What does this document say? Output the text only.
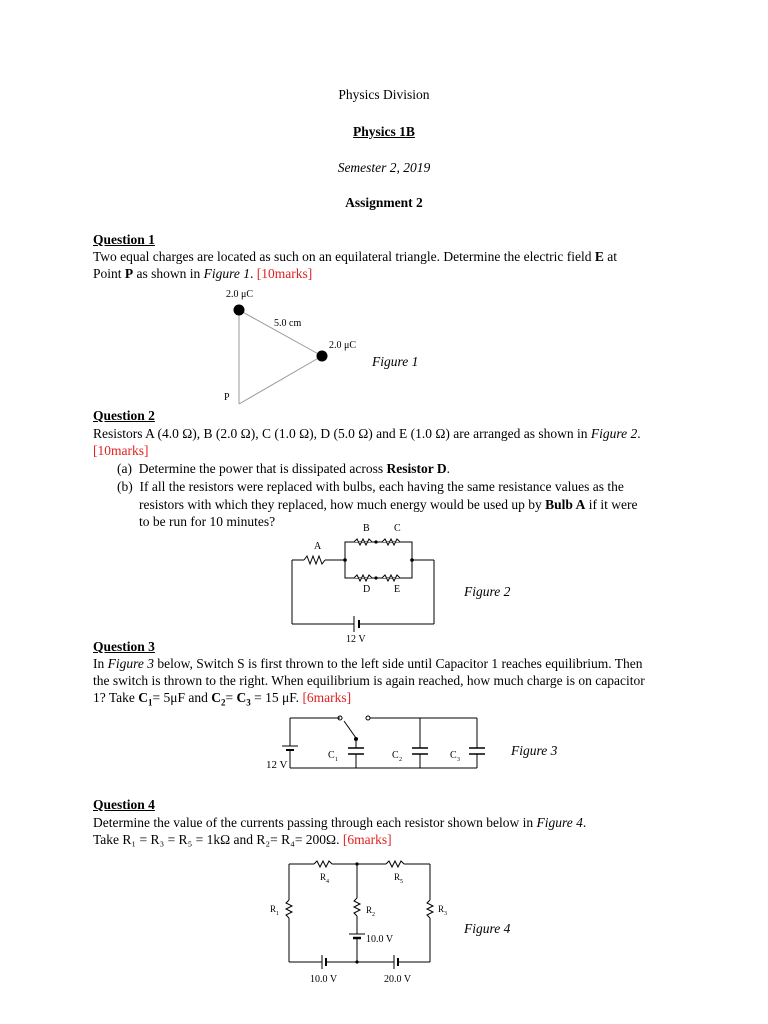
Physics Division
Physics 1B
Semester 2, 2019
Assignment 2
Question 1
Two equal charges are located as such on an equilateral triangle. Determine the electric field E at
Point P as shown in Figure 1. [10marks]
2.0 μC
5.0 cm
2.0 μC
P
Figure 1
Question 2
Resistors A (4.0 Ω), B (2.0 Ω), C (1.0 Ω), D (5.0 Ω) and E (1.0 Ω) are arranged as shown in Figure 2.
[10marks]
(a) Determine the power that is dissipated across Resistor D.
(b) If all the resistors were replaced with bulbs, each having the same resistance values as the
resistors with which they replaced, how much energy would be used up by Bulb A if it were
to be run for 10 minutes?
A
B C
D E
12 V
Figure 2
Question 3
In Figure 3 below, Switch S is first thrown to the left side until Capacitor 1 reaches equilibrium. Then
the switch is thrown to the right. When equilibrium is again reached, how much charge is on capacitor
1? Take $C_1= 5\mu F$ and $C_2= C_3 = 15$ μF. [6marks]
12 V
C 1	C 2	C 3
Figure 3
Question 4
Determine the value of the currents passing through each resistor shown below in Figure 4.
Take R₁ = R₃ = R₅ = 1kΩ and R₂= R₄= 200Ω. [6marks]
R 1	R 2
R 3
R 4	R 5
10.0 V
10.0 V	20.0 V
Figure 4
